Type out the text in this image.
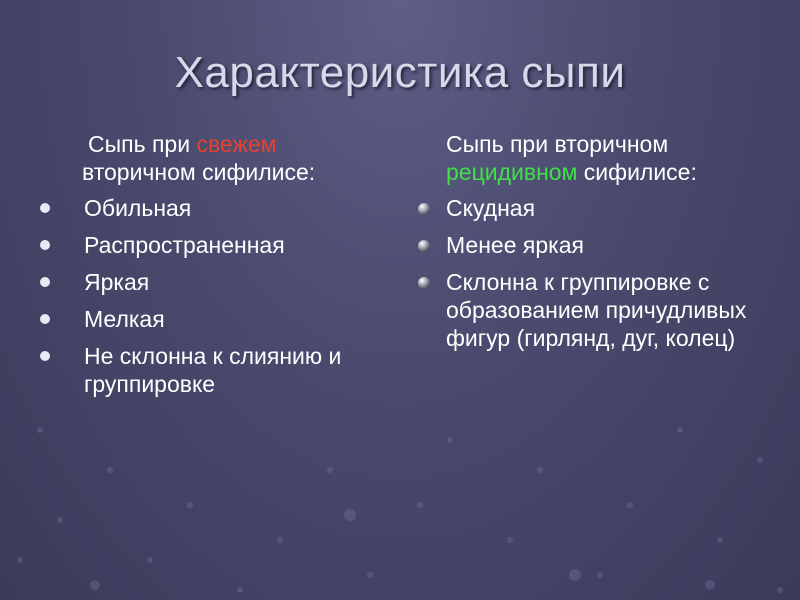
Характеристика сыпи
Сыпь при свежем вторичном сифилисе:
Обильная
Распространенная
Яркая
Мелкая
Не склонна к слиянию и группировке
Сыпь при вторичном рецидивном сифилисе:
Скудная
Менее яркая
Склонна к группировке с образованием причудливых фигур (гирлянд, дуг, колец)
